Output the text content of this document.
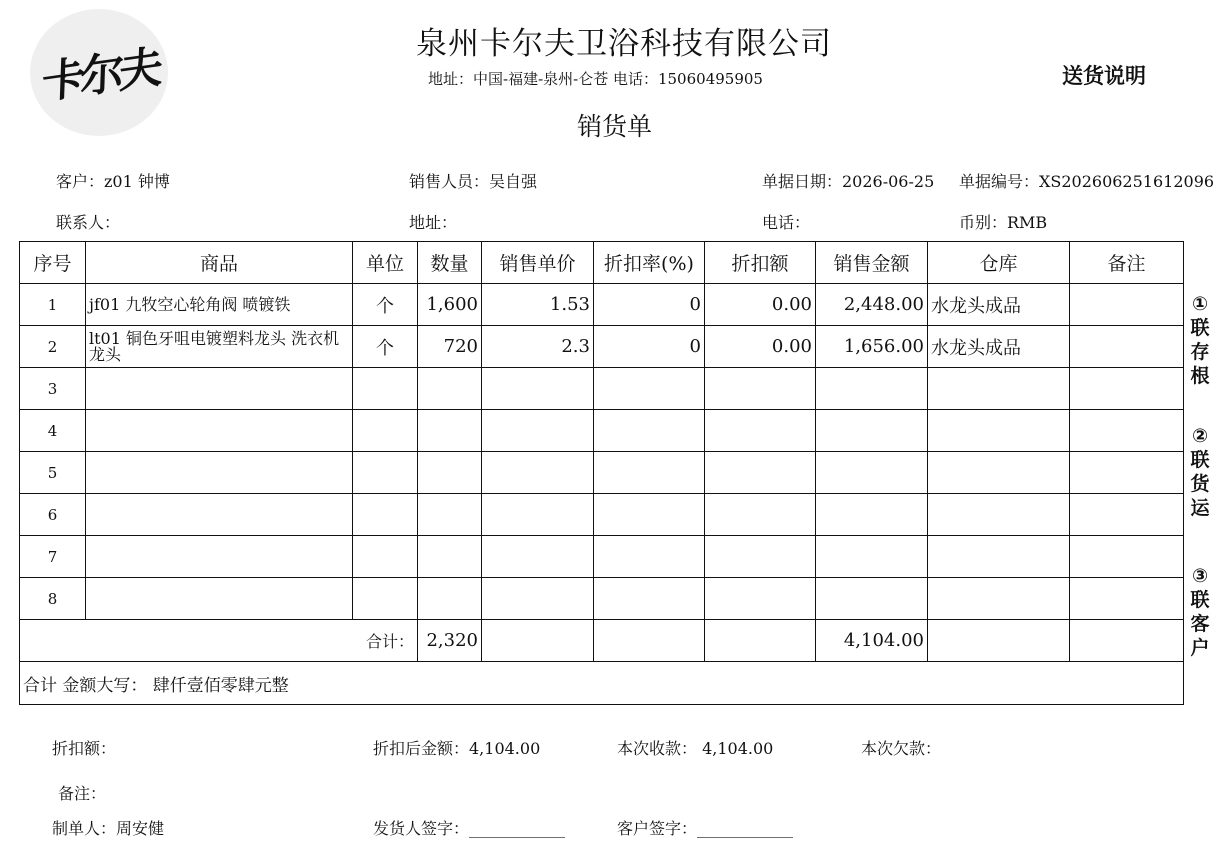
卡尔夫	泉州卡尔夫卫浴科技有限公司
地址：中国-福建-泉州-仑苍 电话：15060495905	送货说明
销货单
客户：z01 钟博	销售人员：吴自强	单据日期：2026-06-25 单据编号：XS202606251612096
联系人：	地址：	电话：	币别：RMB
序号	商品	单位	数量	销售单价	折扣率(%)	折扣额	销售金额	仓库	备注
1	jf01 九牧空心轮角阀 喷镀铁	个	1,600	1.53	0	0.00	2,448.00	水龙头成品	
2	lt01 铜色牙咀电镀塑料龙头 洗衣机龙头	个	720	2.3	0	0.00	1,656.00	水龙头成品	
3									
4									
5									
6									
7									
8									
合计：			2,320				4,104.00		
合计 金额大写： 肆仟壹佰零肆元整									
①联存根
②联货运
③联客户
折扣额：	折扣后金额：4,104.00	本次收款： 4,104.00	本次欠款：
备注：
制单人：周安健	发货人签字：____________	客户签字：____________
